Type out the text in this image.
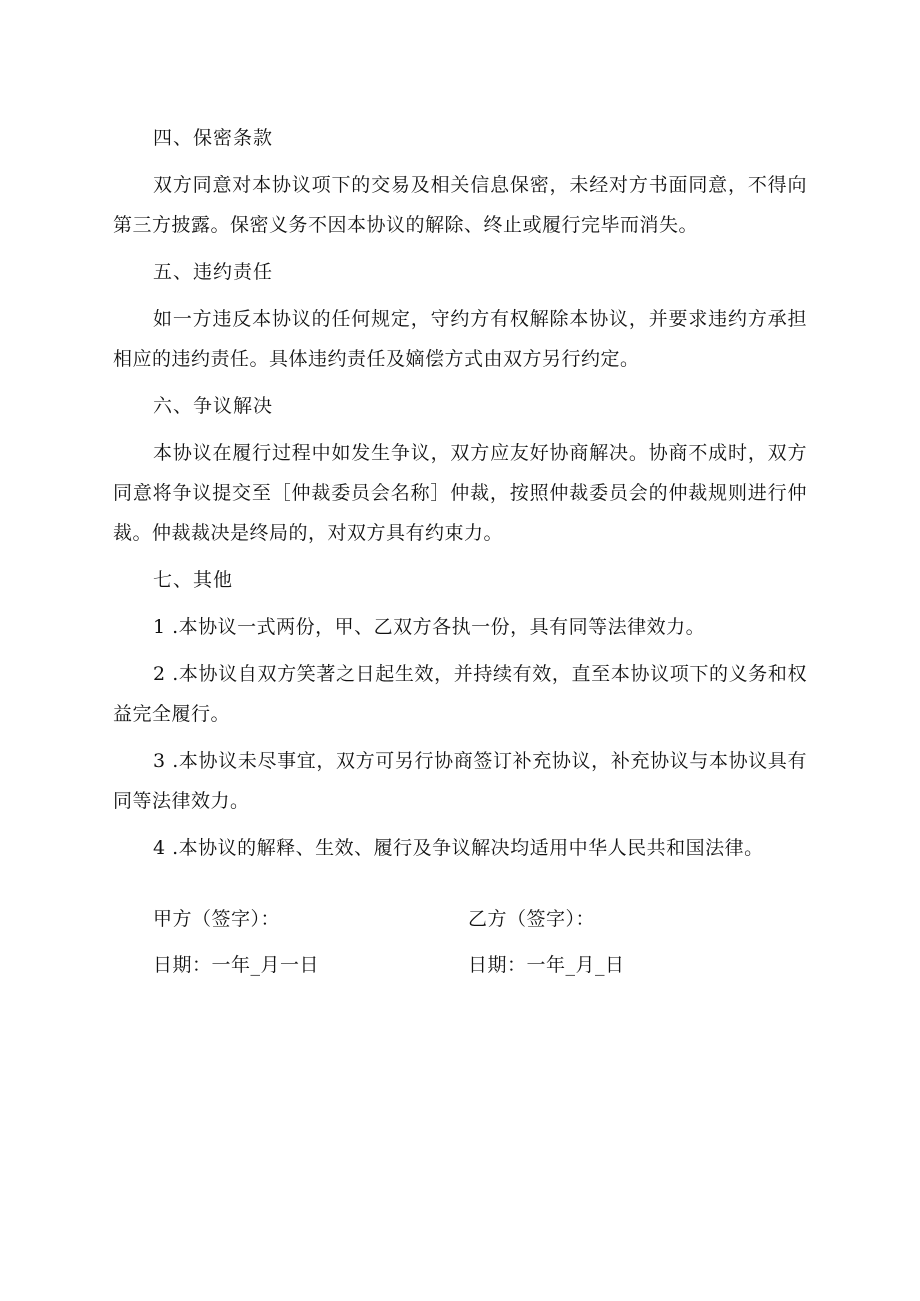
四、保密条款

双方同意对本协议项下的交易及相关信息保密，未经对方书面同意，不得向第三方披露。保密义务不因本协议的解除、终止或履行完毕而消失。

五、违约责任

如一方违反本协议的任何规定，守约方有权解除本协议，并要求违约方承担相应的违约责任。具体违约责任及嫡偿方式由双方另行约定。

六、争议解决

本协议在履行过程中如发生争议，双方应友好协商解决。协商不成时，双方同意将争议提交至［仲裁委员会名称］仲裁，按照仲裁委员会的仲裁规则进行仲裁。仲裁裁决是终局的，对双方具有约束力。

七、其他

1 .本协议一式两份，甲、乙双方各执一份，具有同等法律效力。

2 .本协议自双方笑著之日起生效，并持续有效，直至本协议项下的义务和权益完全履行。

3 .本协议未尽事宜，双方可另行协商签订补充协议，补充协议与本协议具有同等法律效力。

4 .本协议的解释、生效、履行及争议解决均适用中华人民共和国法律。

甲方（签字）：
日期：一年_月一日
乙方（签字）：
日期：一年_月_日
